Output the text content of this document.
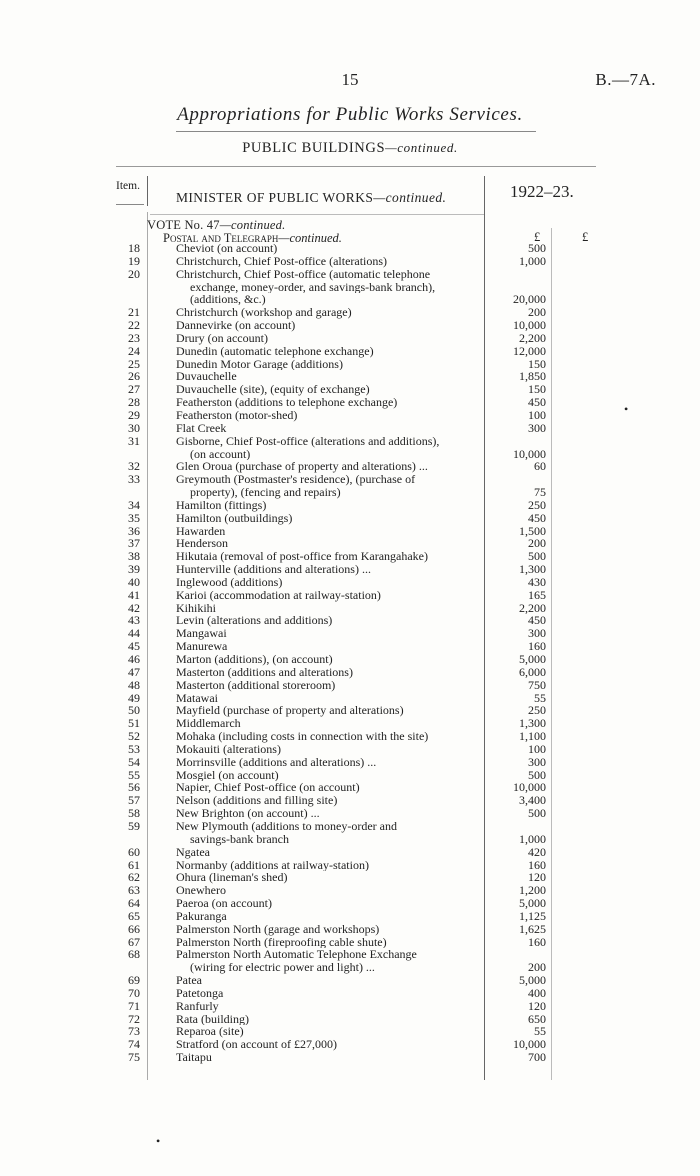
15	B.—7A.
Appropriations for Public Works Services.
PUBLIC BUILDINGS—continued.
Item.
MINISTER OF PUBLIC WORKS—continued.	1922–23.
VOTE No. 47—continued.
Postal and Telegraph—continued.	£	£
18	Cheviot (on account)	500
19	Christchurch, Chief Post-office (alterations)	1,000
20	Christchurch, Chief Post-office (automatic telephone
exchange, money-order, and savings-bank branch),
(additions, &c.)	20,000
21	Christchurch (workshop and garage)	200
22	Dannevirke (on account)	10,000
23	Drury (on account)	2,200
24	Dunedin (automatic telephone exchange)	12,000
25	Dunedin Motor Garage (additions)	150
26	Duvauchelle	1,850
27	Duvauchelle (site), (equity of exchange)	150
28	Featherston (additions to telephone exchange)	450
29	Featherston (motor-shed)	100
30	Flat Creek	300
31	Gisborne, Chief Post-office (alterations and additions),
(on account)	10,000
32	Glen Oroua (purchase of property and alterations) ...	60
33	Greymouth (Postmaster's residence), (purchase of
property), (fencing and repairs)	75
34	Hamilton (fittings)	250
35	Hamilton (outbuildings)	450
36	Hawarden	1,500
37	Henderson	200
38	Hikutaia (removal of post-office from Karangahake)	500
39	Hunterville (additions and alterations) ...	1,300
40	Inglewood (additions)	430
41	Karioi (accommodation at railway-station)	165
42	Kihikihi	2,200
43	Levin (alterations and additions)	450
44	Mangawai	300
45	Manurewa	160
46	Marton (additions), (on account)	5,000
47	Masterton (additions and alterations)	6,000
48	Masterton (additional storeroom)	750
49	Matawai	55
50	Mayfield (purchase of property and alterations)	250
51	Middlemarch	1,300
52	Mohaka (including costs in connection with the site)	1,100
53	Mokauiti (alterations)	100
54	Morrinsville (additions and alterations) ...	300
55	Mosgiel (on account)	500
56	Napier, Chief Post-office (on account)	10,000
57	Nelson (additions and filling site)	3,400
58	New Brighton (on account) ...	500
59	New Plymouth (additions to money-order and
savings-bank branch	1,000
60	Ngatea	420
61	Normanby (additions at railway-station)	160
62	Ohura (lineman's shed)	120
63	Onewhero	1,200
64	Paeroa (on account)	5,000
65	Pakuranga	1,125
66	Palmerston North (garage and workshops)	1,625
67	Palmerston North (fireproofing cable shute)	160
68	Palmerston North Automatic Telephone Exchange
(wiring for electric power and light) ...	200
69	Patea	5,000
70	Patetonga	400
71	Ranfurly	120
72	Rata (building)	650
73	Reparoa (site)	55
74	Stratford (on account of £27,000)	10,000
75	Taitapu	700
•
•
